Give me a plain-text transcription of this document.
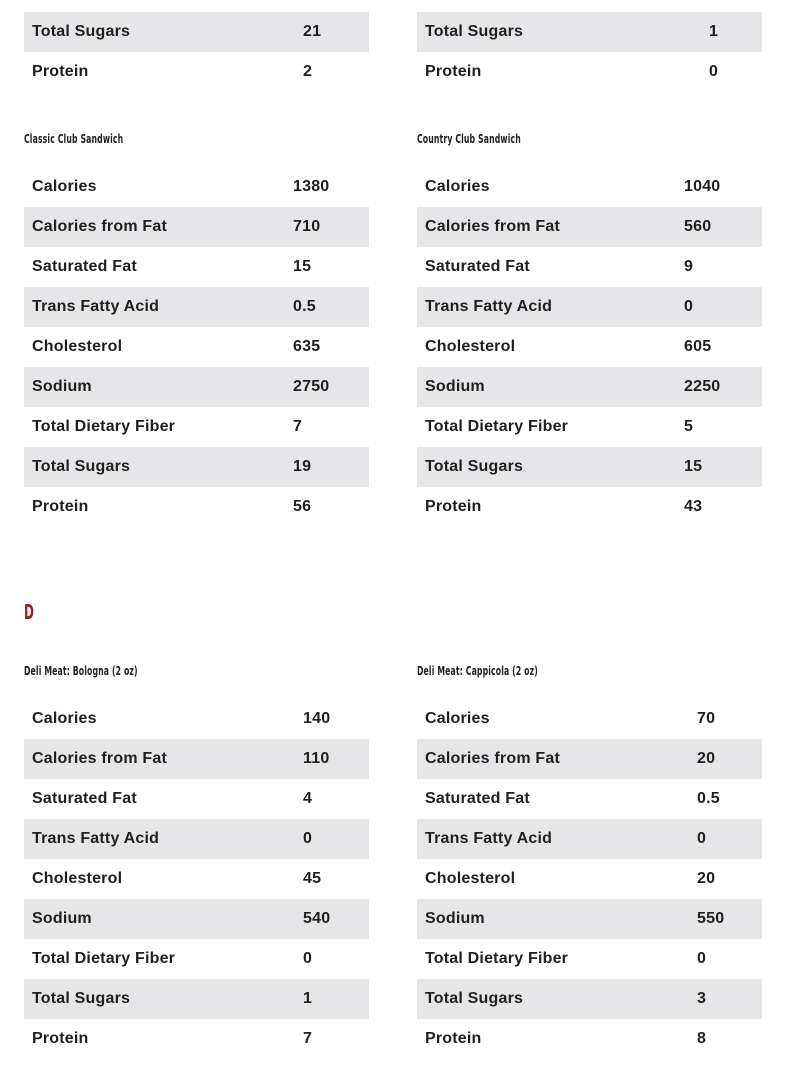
Total Sugars	21
Protein	2
Total Sugars	1
Protein	0
Classic Club Sandwich
Calories	1380
Calories from Fat	710
Saturated Fat	15
Trans Fatty Acid	0.5
Cholesterol	635
Sodium	2750
Total Dietary Fiber	7
Total Sugars	19
Protein	56
Country Club Sandwich
Calories	1040
Calories from Fat	560
Saturated Fat	9
Trans Fatty Acid	0
Cholesterol	605
Sodium	2250
Total Dietary Fiber	5
Total Sugars	15
Protein	43
D
Deli Meat: Bologna (2 oz)
Calories	140
Calories from Fat	110
Saturated Fat	4
Trans Fatty Acid	0
Cholesterol	45
Sodium	540
Total Dietary Fiber	0
Total Sugars	1
Protein	7
Deli Meat: Cappicola (2 oz)
Calories	70
Calories from Fat	20
Saturated Fat	0.5
Trans Fatty Acid	0
Cholesterol	20
Sodium	550
Total Dietary Fiber	0
Total Sugars	3
Protein	8
